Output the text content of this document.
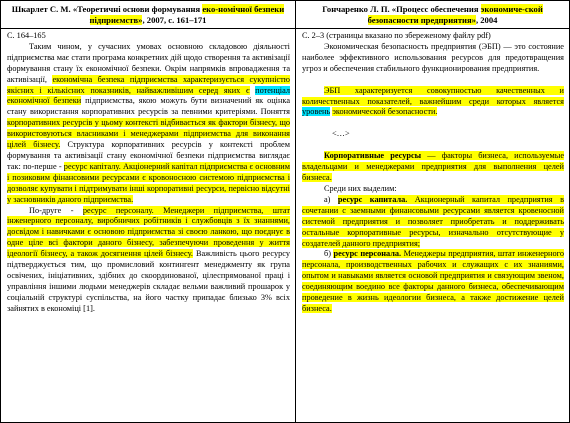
Шкарлет С. М. «Теоретичні основи формування еко-номічної безпеки підприємств», 2007, с. 161–171

С. 164–165

Таким чином, у сучасних умовах основною складовою діяльності підприємства має стати програма конкретних дій щодо створення та активізації формування стану їх економічної безпеки. Окрім напрямків впровадження та активізації, економічна безпека підприємства характеризується сукупністю якісних і кількісних показників, найважливішим серед яких є потенціал економічної безпеки підприємства, якою можуть бути визначений як оцінка стану використання корпоративних ресурсів за певними критеріями. Поняття корпоративних ресурсів у цьому контексті відбивається як фактори бізнесу, що використовуються власниками і менеджерами підприємства для виконання цілей бізнесу. Структура корпоративних ресурсів у контексті проблем формування та активізації стану економічної безпеки підприємства виглядає так: по-перше - ресурс капіталу. Акціонерний капітал підприємства є основним і позиковим фінансовими ресурсами є кровоносною системою підприємства і дозволяє купувати і підтримувати інші корпоративні ресурси, первісно відсутні у засновників даного підприємства.

По-друге - ресурс персоналу. Менеджери підприємства, штат інженерного персоналу, виробничих робітників і службовців з їх знаннями, досвідом і навичками є основою підприємства зі своєю ланкою, що поєднує в одне ціле всі фактори даного бізнесу, забезпечуючи проведення у життя ідеології бізнесу, а також досягнення цілей бізнесу. Важливість цього ресурсу підтверджується тим, що промисловий контингент менеджменту як група освічених, ініціативних, здібних до скоординованої, цілеспрямованої праці і управління іншими людьми менеджерів складає вельми важливий прошарок у соціальній структурі суспільства, на його частку припадає близько 3% всіх зайнятих в економіці [1].

Гончаренко Л. П. «Процесс обеспечения экономиче-ской безопасности предприятия», 2004

С. 2–3 (страницы вказано по збереженому файлу pdf)

Экономическая безопасность предприятия (ЭБП) — это состояние наиболее эффективного использования ресурсов для предотвращения угроз и обеспечения стабильного функционирования предприятия.

ЭБП характеризуется совокупностью качественных и количественных показателей, важнейшим среди которых является уровень экономической безопасности.

<…>

Корпоративные ресурсы — факторы бизнеса, используемые владельцами и менеджерами предприятия для выполнения целей бизнеса.

Среди них выделим:

а) ресурс капитала. Акционерный капитал предприятия в сочетании с заемными финансовыми ресурсами является кровеносной системой предприятия и позволяет приобретать и поддерживать остальные корпоративные ресурсы, изначально отсутствующие у создателей данного предприятия;

б) ресурс персонала. Менеджеры предприятия, штат инженерного персонала, производственных рабочих и служащих с их знаниями, опытом и навыками является основой предприятия и связующим звеном, соединяющим воедино все факторы данного бизнеса, обеспечивающим проведение в жизнь идеологии бизнеса, а также достижение целей бизнеса.
